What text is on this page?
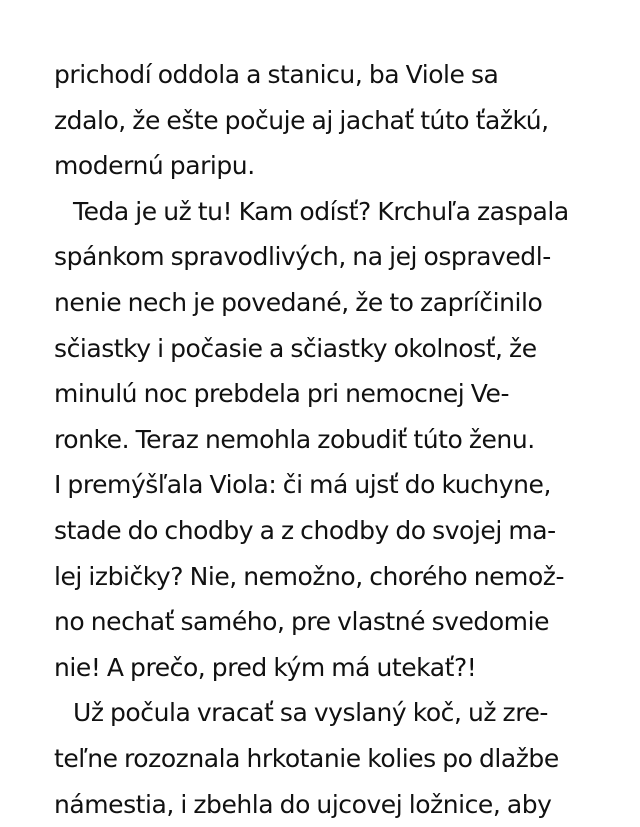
prichodí oddola a stanicu, ba Viole sa
zdalo, že ešte počuje aj jachať túto ťažkú,
modernú paripu.
Teda je už tu! Kam odísť? Krchuľa zaspala
spánkom spravodlivých, na jej ospravedl-
nenie nech je povedané, že to zapríčinilo
sčiastky i počasie a sčiastky okolnosť, že
minulú noc prebdela pri nemocnej Ve-
ronke. Teraz nemohla zobudiť túto ženu.
I premýšľala Viola: či má ujsť do kuchyne,
stade do chodby a z chodby do svojej ma-
lej izbičky? Nie, nemožno, chorého nemož-
no nechať samého, pre vlastné svedomie
nie! A prečo, pred kým má utekať?!
Už počula vracať sa vyslaný koč, už zre-
teľne rozoznala hrkotanie kolies po dlažbe
námestia, i zbehla do ujcovej ložnice, aby
